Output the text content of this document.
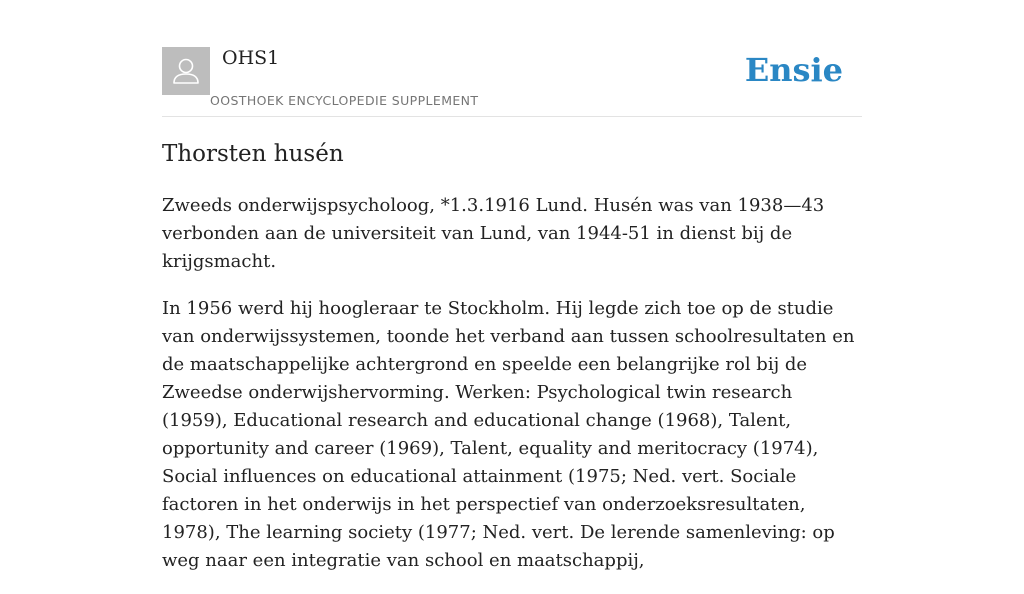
OHS1
OOSTHOEK ENCYCLOPEDIE SUPPLEMENT
Ensie
Thorsten husén

Zweeds onderwijspsycholoog, *1.3.1916 Lund. Husén was van 1938—43 verbonden aan de universiteit van Lund, van 1944-51 in dienst bij de krijgsmacht.

In 1956 werd hij hoogleraar te Stockholm. Hij legde zich toe op de studie van onderwijssystemen, toonde het verband aan tussen schoolresultaten en de maatschappelijke achtergrond en speelde een belangrijke rol bij de Zweedse onderwijshervorming. Werken: Psychological twin research (1959), Educational research and educational change (1968), Talent, opportunity and career (1969), Talent, equality and meritocracy (1974), Social influences on educational attainment (1975; Ned. vert. Sociale factoren in het onderwijs in het perspectief van onderzoeksresultaten, 1978), The learning society (1977; Ned. vert. De lerende samenleving: op weg naar een integratie van school en maatschappij,
